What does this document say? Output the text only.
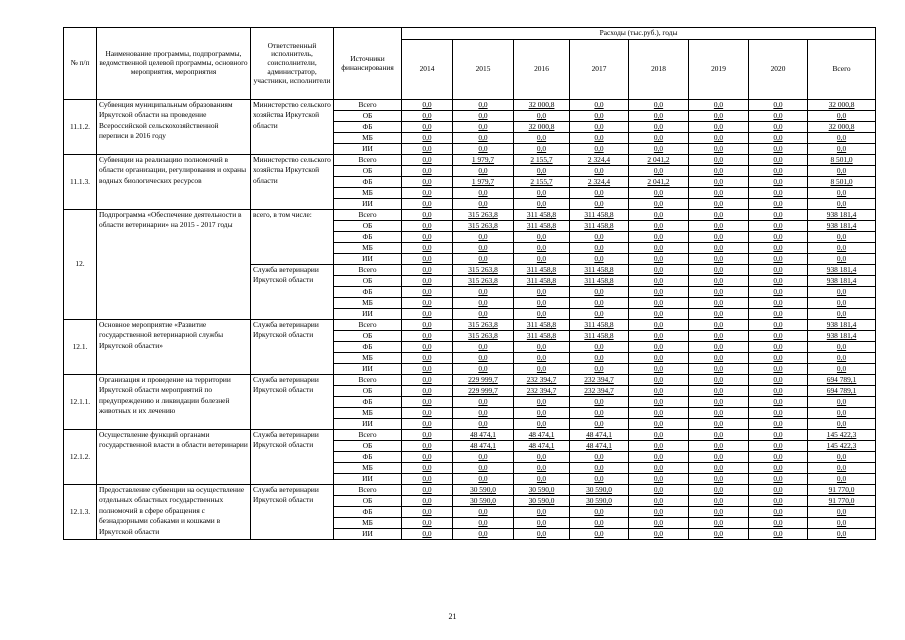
№ п/п	Наименование программы, подпрограммы, ведомственной целевой программы, основного мероприятия, мероприятия	Ответственный исполнитель, соисполнители, администратор, участники, исполнители	Источники финансирования	Расходы (тыс.руб.), годы							
				2014	2015	2016	2017	2018	2019	2020	Всего
11.1.2.	Субвенция муниципальным образованиям Иркутской области на проведение Всероссийской сельскохозяйственной переписи в 2016 году	Министерство сельского хозяйства Иркутской области	Всего	0,0	0,0	32 000,8	0,0	0,0	0,0	0,0	32 000,8
			ОБ	0,0	0,0	0,0	0,0	0,0	0,0	0,0	0,0
			ФБ	0,0	0,0	32 000,8	0,0	0,0	0,0	0,0	32 000,8
			МБ	0,0	0,0	0,0	0,0	0,0	0,0	0,0	0,0
			ИИ	0,0	0,0	0,0	0,0	0,0	0,0	0,0	0,0
11.1.3.	Субвенции на реализацию полномочий в области организации, регулирования и охраны водных биологических ресурсов	Министерство сельского хозяйства Иркутской области	Всего	0,0	1 979,7	2 155,7	2 324,4	2 041,2	0,0	0,0	8 501,0
			ОБ	0,0	0,0	0,0	0,0	0,0	0,0	0,0	0,0
			ФБ	0,0	1 979,7	2 155,7	2 324,4	2 041,2	0,0	0,0	8 501,0
			МБ	0,0	0,0	0,0	0,0	0,0	0,0	0,0	0,0
			ИИ	0,0	0,0	0,0	0,0	0,0	0,0	0,0	0,0
12.	Подпрограмма «Обеспечение деятельности в области ветеринарии» на 2015 - 2017 годы	всего, в том числе:	Всего	0,0	315 263,8	311 458,8	311 458,8	0,0	0,0	0,0	938 181,4
			ОБ	0,0	315 263,8	311 458,8	311 458,8	0,0	0,0	0,0	938 181,4
			ФБ	0,0	0,0	0,0	0,0	0,0	0,0	0,0	0,0
			МБ	0,0	0,0	0,0	0,0	0,0	0,0	0,0	0,0
			ИИ	0,0	0,0	0,0	0,0	0,0	0,0	0,0	0,0
		Служба ветеринарии Иркутской области	Всего	0,0	315 263,8	311 458,8	311 458,8	0,0	0,0	0,0	938 181,4
			ОБ	0,0	315 263,8	311 458,8	311 458,8	0,0	0,0	0,0	938 181,4
			ФБ	0,0	0,0	0,0	0,0	0,0	0,0	0,0	0,0
			МБ	0,0	0,0	0,0	0,0	0,0	0,0	0,0	0,0
			ИИ	0,0	0,0	0,0	0,0	0,0	0,0	0,0	0,0
12.1.	Основное мероприятие «Развитие государственной ветеринарной службы Иркутской области»	Служба ветеринарии Иркутской области	Всего	0,0	315 263,8	311 458,8	311 458,8	0,0	0,0	0,0	938 181,4
			ОБ	0,0	315 263,8	311 458,8	311 458,8	0,0	0,0	0,0	938 181,4
			ФБ	0,0	0,0	0,0	0,0	0,0	0,0	0,0	0,0
			МБ	0,0	0,0	0,0	0,0	0,0	0,0	0,0	0,0
			ИИ	0,0	0,0	0,0	0,0	0,0	0,0	0,0	0,0
12.1.1.	Организация и проведение на территории Иркутской области мероприятий по предупреждению и ликвидации болезней животных и их лечению	Служба ветеринарии Иркутской области	Всего	0,0	229 999,7	232 394,7	232 394,7	0,0	0,0	0,0	694 789,1
			ОБ	0,0	229 999,7	232 394,7	232 394,7	0,0	0,0	0,0	694 789,1
			ФБ	0,0	0,0	0,0	0,0	0,0	0,0	0,0	0,0
			МБ	0,0	0,0	0,0	0,0	0,0	0,0	0,0	0,0
			ИИ	0,0	0,0	0,0	0,0	0,0	0,0	0,0	0,0
12.1.2.	Осуществление функций органами государственной власти в области ветеринарии	Служба ветеринарии Иркутской области	Всего	0,0	48 474,1	48 474,1	48 474,1	0,0	0,0	0,0	145 422,3
			ОБ	0,0	48 474,1	48 474,1	48 474,1	0,0	0,0	0,0	145 422,3
			ФБ	0,0	0,0	0,0	0,0	0,0	0,0	0,0	0,0
			МБ	0,0	0,0	0,0	0,0	0,0	0,0	0,0	0,0
			ИИ	0,0	0,0	0,0	0,0	0,0	0,0	0,0	0,0
12.1.3.	Предоставление субвенции на осуществление отдельных областных государственных полномочий в сфере обращения с безнадзорными собаками и кошками в Иркутской области	Служба ветеринарии Иркутской области	Всего	0,0	30 590,0	30 590,0	30 590,0	0,0	0,0	0,0	91 770,0
			ОБ	0,0	30 590,0	30 590,0	30 590,0	0,0	0,0	0,0	91 770,0
			ФБ	0,0	0,0	0,0	0,0	0,0	0,0	0,0	0,0
			МБ	0,0	0,0	0,0	0,0	0,0	0,0	0,0	0,0
			ИИ	0,0	0,0	0,0	0,0	0,0	0,0	0,0	0,0
21
